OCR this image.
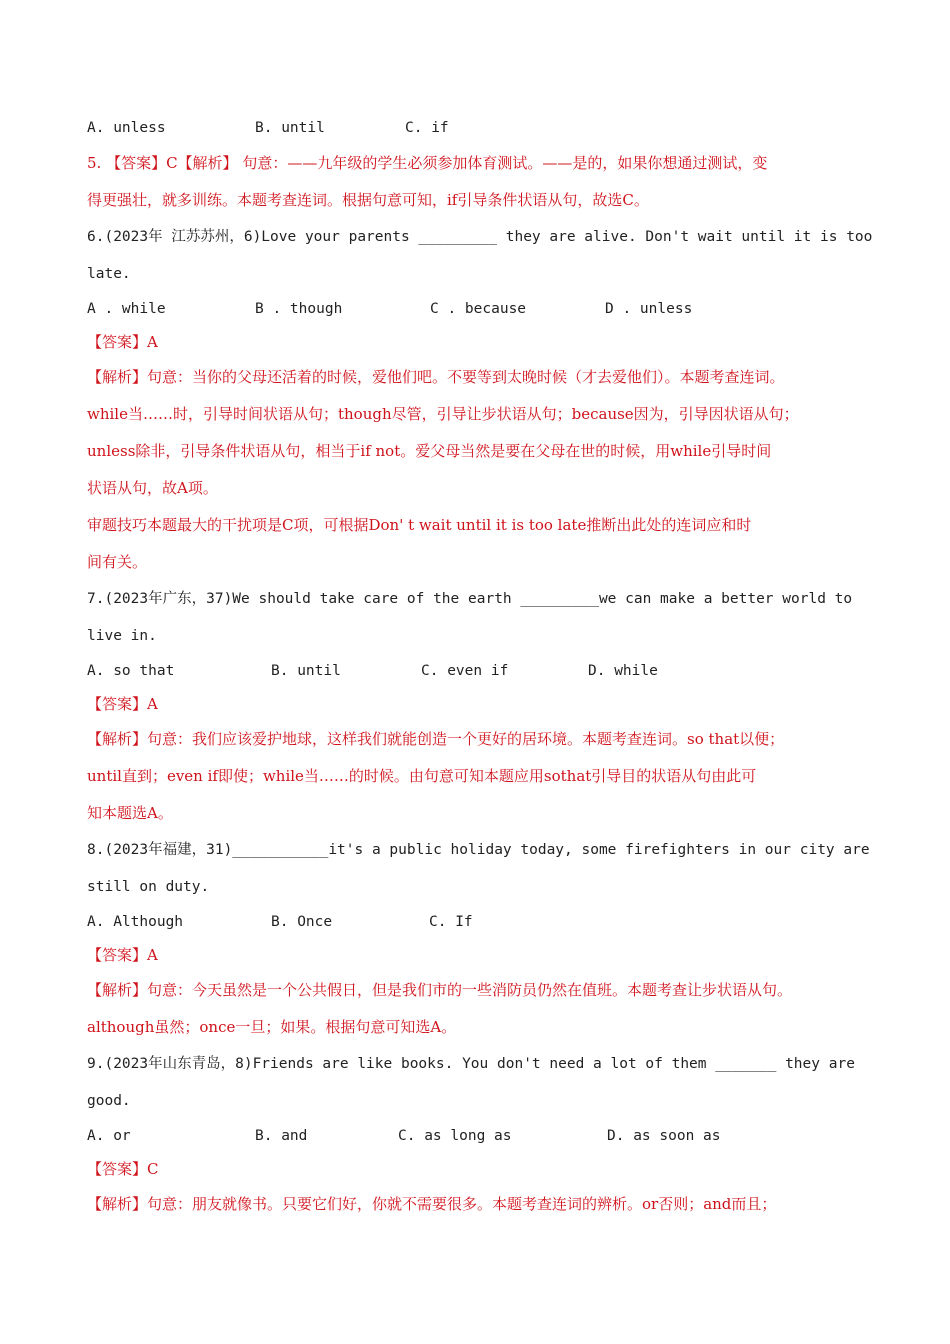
A. unless	B. until	C. if
5. 【答案】C【解析】 句意：——九年级的学生必须参加体育测试。——是的，如果你想通过测试，变
得更强壮，就多训练。本题考查连词。根据句意可知，if引导条件状语从句，故选C。
6.(2023年 江苏苏州，6)Love your parents _________ they are alive. Don't wait until it is too
late.
A . while	B . though	C . because	D . unless
【答案】A
【解析】句意：当你的父母还活着的时候，爱他们吧。不要等到太晚时候（才去爱他们）。本题考查连词。
while当……时，引导时间状语从句；though尽管，引导让步状语从句；because因为，引导因状语从句；
unless除非，引导条件状语从句，相当于if not。爱父母当然是要在父母在世的时候，用while引导时间
状语从句，故A项。
审题技巧本题最大的干扰项是C项，可根据Don' t wait until it is too late推断出此处的连词应和时
间有关。
7.(2023年广东，37)We should take care of the earth _________we can make a better world to
live in.
A. so that	B. until	C. even if	D. while
【答案】A
【解析】句意：我们应该爱护地球，这样我们就能创造一个更好的居环境。本题考查连词。so that以便；
until直到；even if即使；while当……的时候。由句意可知本题应用sothat引导目的状语从句由此可
知本题选A。
8.(2023年福建，31)___________it's a public holiday today, some firefighters in our city are
still on duty.
A. Although	B. Once	C. If
【答案】A
【解析】句意：今天虽然是一个公共假日，但是我们市的一些消防员仍然在值班。本题考查让步状语从句。
although虽然；once一旦；如果。根据句意可知选A。
9.(2023年山东青岛，8)Friends are like books. You don't need a lot of them _______ they are
good.
A. or	B. and	C. as long as	D. as soon as
【答案】C
【解析】句意：朋友就像书。只要它们好，你就不需要很多。本题考查连词的辨析。or否则；and而且；
